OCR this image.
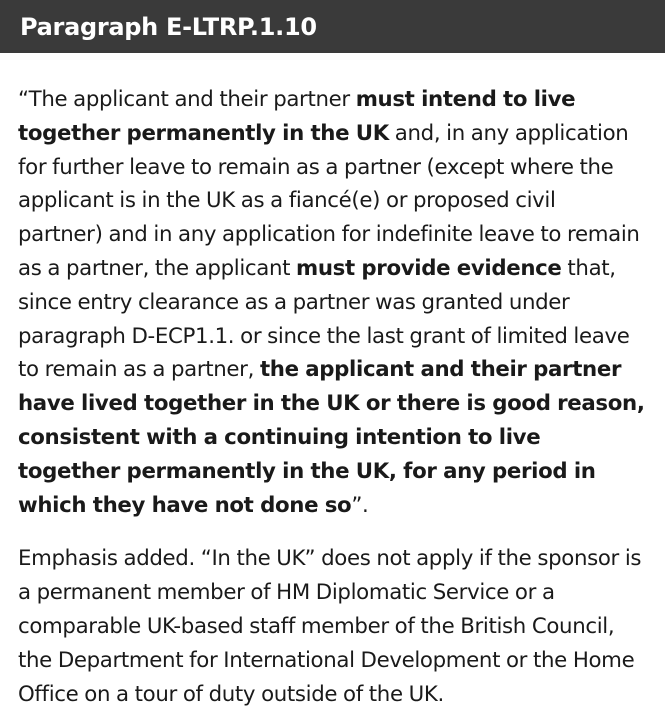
Paragraph E-LTRP.1.10

“The applicant and their partner must intend to live together permanently in the UK and, in any application for further leave to remain as a partner (except where the applicant is in the UK as a fiancé(e) or proposed civil partner) and in any application for indefinite leave to remain as a partner, the applicant must provide evidence that, since entry clearance as a partner was granted under paragraph D-ECP1.1. or since the last grant of limited leave to remain as a partner, the applicant and their partner have lived together in the UK or there is good reason, consistent with a continuing intention to live together permanently in the UK, for any period in which they have not done so”.

Emphasis added. “In the UK” does not apply if the sponsor is a permanent member of HM Diplomatic Service or a comparable UK-based staff member of the British Council, the Department for International Development or the Home Office on a tour of duty outside of the UK.
